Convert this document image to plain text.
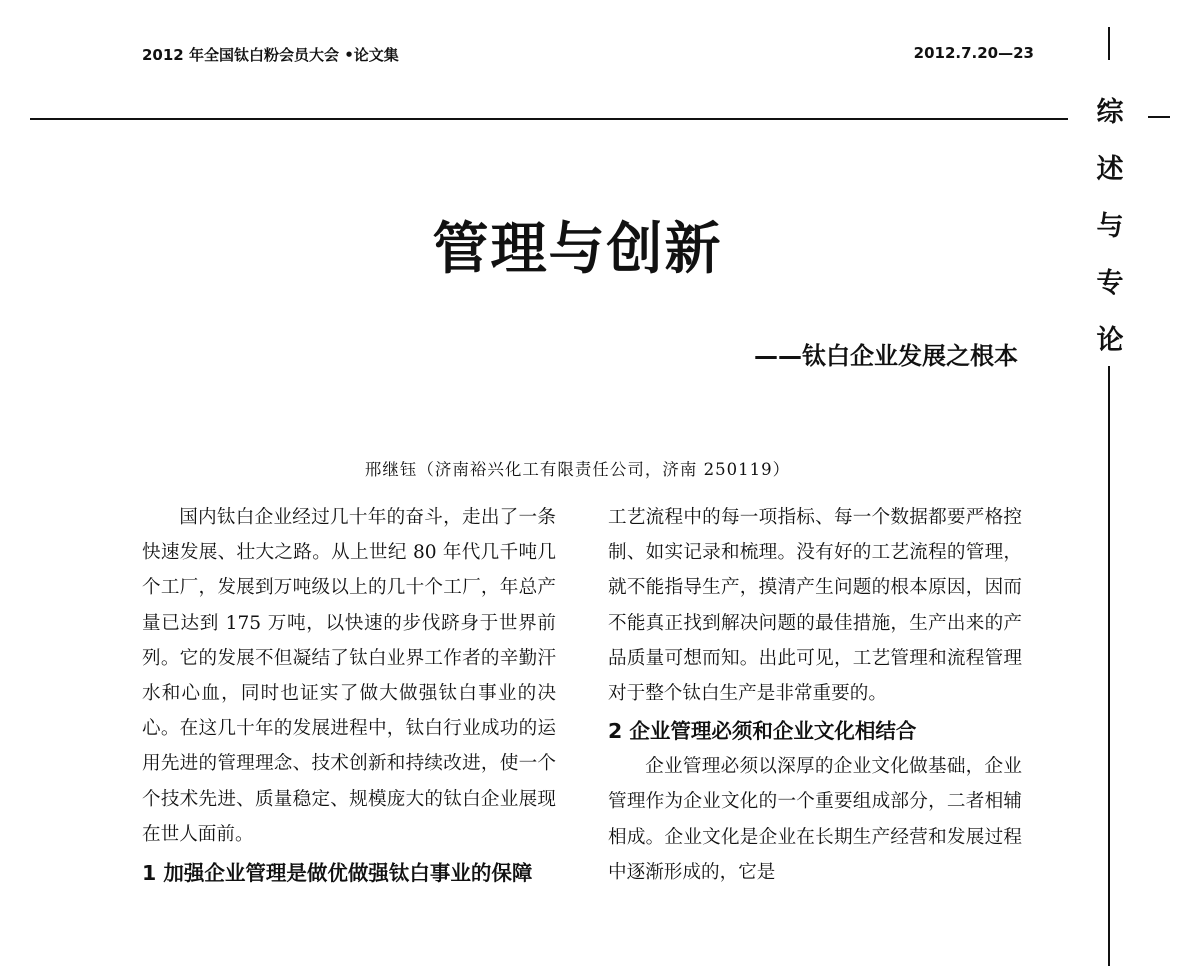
2012 年全国钛白粉会员大会 •论文集	2012.7.20—23
综
述
与
专
论
管理与创新
——钛白企业发展之根本
邢继钰（济南裕兴化工有限责任公司，济南 250119）

国内钛白企业经过几十年的奋斗，走出了一条快速发展、壮大之路。从上世纪 80 年代几千吨几个工厂，发展到万吨级以上的几十个工厂，年总产量已达到 175 万吨，以快速的步伐跻身于世界前列。它的发展不但凝结了钛白业界工作者的辛勤汗水和心血，同时也证实了做大做强钛白事业的决心。在这几十年的发展进程中，钛白行业成功的运用先进的管理理念、技术创新和持续改进，使一个个技术先进、质量稳定、规模庞大的钛白企业展现在世人面前。

1 加强企业管理是做优做强钛白事业的保障

工艺流程中的每一项指标、每一个数据都要严格控制、如实记录和梳理。没有好的工艺流程的管理，就不能指导生产，摸清产生问题的根本原因，因而不能真正找到解决问题的最佳措施，生产出来的产品质量可想而知。出此可见，工艺管理和流程管理对于整个钛白生产是非常重要的。

2 企业管理必须和企业文化相结合

企业管理必须以深厚的企业文化做基础，企业管理作为企业文化的一个重要组成部分，二者相辅相成。企业文化是企业在长期生产经营和发展过程中逐渐形成的，它是
